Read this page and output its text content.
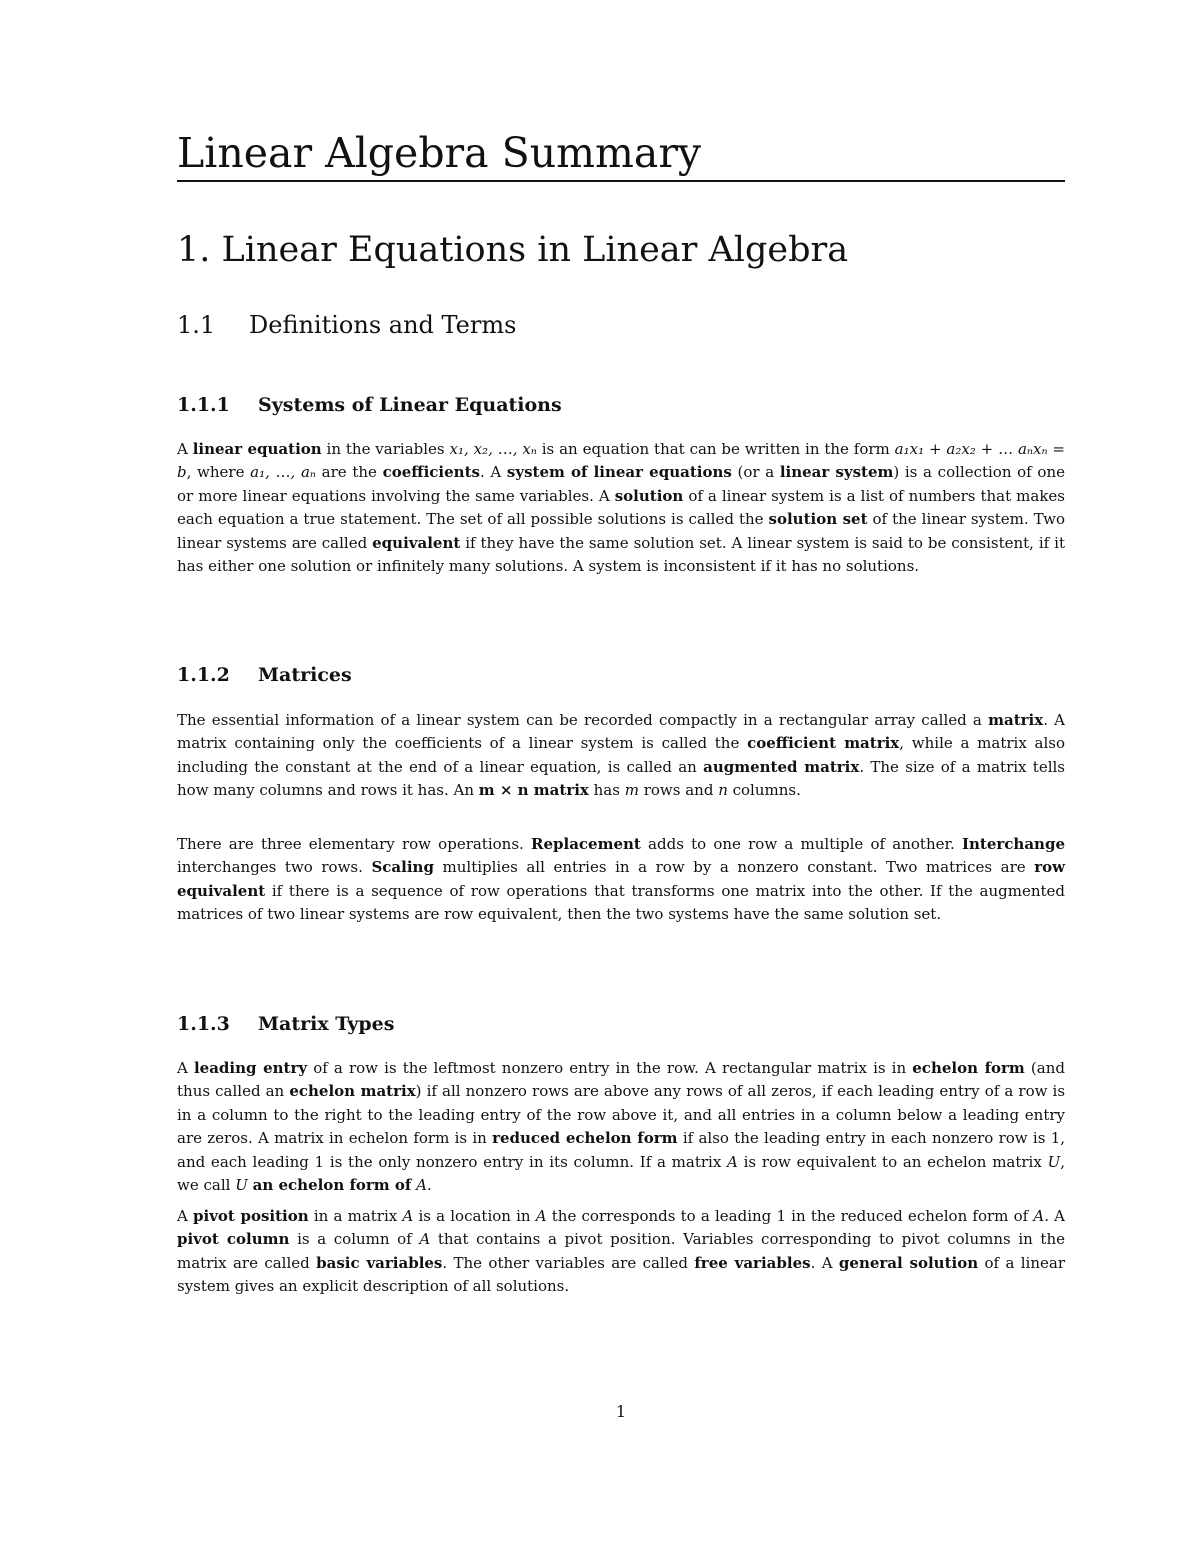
Linear Algebra Summary
1. Linear Equations in Linear Algebra
1.1 Definitions and Terms
1.1.1 Systems of Linear Equations
A linear equation in the variables x₁, x₂, …, xₙ is an equation that can be written in the form a₁x₁ + a₂x₂ + … aₙxₙ = b, where a₁, …, aₙ are the coefficients. A system of linear equations (or a linear system) is a collection of one or more linear equations involving the same variables. A solution of a linear system is a list of numbers that makes each equation a true statement. The set of all possible solutions is called the solution set of the linear system. Two linear systems are called equivalent if they have the same solution set. A linear system is said to be consistent, if it has either one solution or infinitely many solutions. A system is inconsistent if it has no solutions.
1.1.2 Matrices
The essential information of a linear system can be recorded compactly in a rectangular array called a matrix. A matrix containing only the coefficients of a linear system is called the coefficient matrix, while a matrix also including the constant at the end of a linear equation, is called an augmented matrix. The size of a matrix tells how many columns and rows it has. An m × n matrix has m rows and n columns.
There are three elementary row operations. Replacement adds to one row a multiple of another. Interchange interchanges two rows. Scaling multiplies all entries in a row by a nonzero constant. Two matrices are row equivalent if there is a sequence of row operations that transforms one matrix into the other. If the augmented matrices of two linear systems are row equivalent, then the two systems have the same solution set.
1.1.3 Matrix Types
A leading entry of a row is the leftmost nonzero entry in the row. A rectangular matrix is in echelon form (and thus called an echelon matrix) if all nonzero rows are above any rows of all zeros, if each leading entry of a row is in a column to the right to the leading entry of the row above it, and all entries in a column below a leading entry are zeros. A matrix in echelon form is in reduced echelon form if also the leading entry in each nonzero row is 1, and each leading 1 is the only nonzero entry in its column. If a matrix A is row equivalent to an echelon matrix U, we call U an echelon form of A.
A pivot position in a matrix A is a location in A the corresponds to a leading 1 in the reduced echelon form of A. A pivot column is a column of A that contains a pivot position. Variables corresponding to pivot columns in the matrix are called basic variables. The other variables are called free variables. A general solution of a linear system gives an explicit description of all solutions.
1
